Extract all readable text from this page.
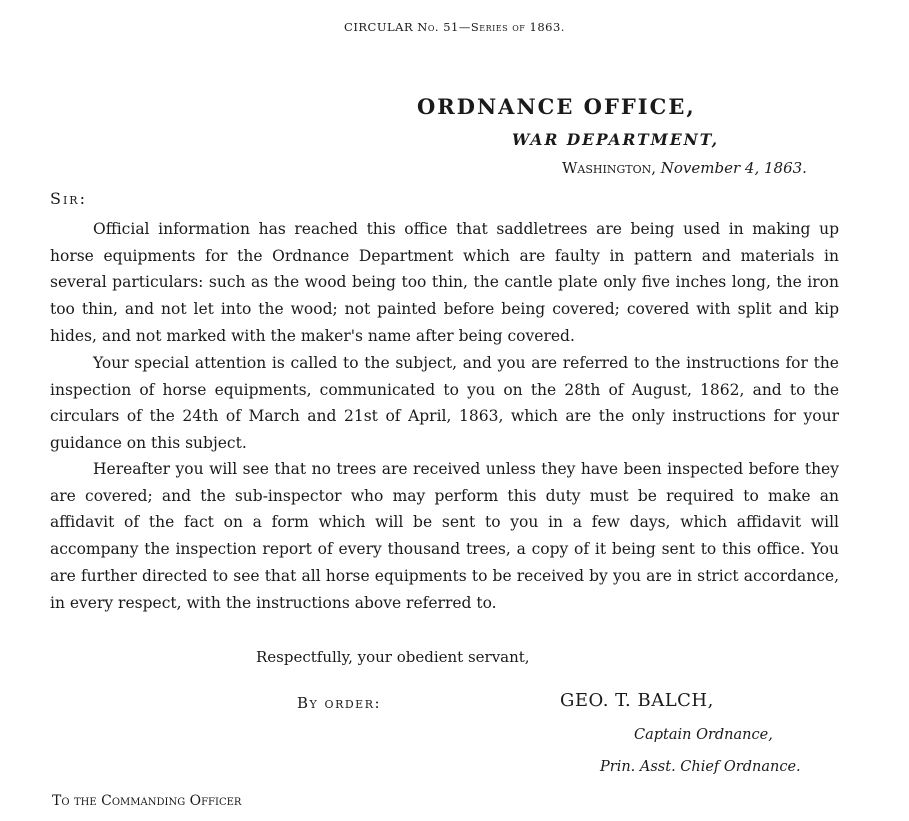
CIRCULAR No. 51—Series of 1863.
ORDNANCE OFFICE,
WAR DEPARTMENT,
Washington, November 4, 1863.
Sir:

Official information has reached this office that saddletrees are being used in making up horse equipments for the Ordnance Department which are faulty in pattern and materials in several particulars: such as the wood being too thin, the cantle plate only five inches long, the iron too thin, and not let into the wood; not painted before being covered; covered with split and kip hides, and not marked with the maker's name after being covered.

Your special attention is called to the subject, and you are referred to the instructions for the inspection of horse equipments, communicated to you on the 28th of August, 1862, and to the circulars of the 24th of March and 21st of April, 1863, which are the only instructions for your guidance on this subject.

Hereafter you will see that no trees are received unless they have been inspected before they are covered; and the sub-inspector who may perform this duty must be required to make an affidavit of the fact on a form which will be sent to you in a few days, which affidavit will accompany the inspection report of every thousand trees, a copy of it being sent to this office. You are further directed to see that all horse equipments to be received by you are in strict accordance, in every respect, with the instructions above referred to.

Respectfully, your obedient servant,
By order:	GEO. T. BALCH,
Captain Ordnance,
Prin. Asst. Chief Ordnance.
To the Commanding Officer
